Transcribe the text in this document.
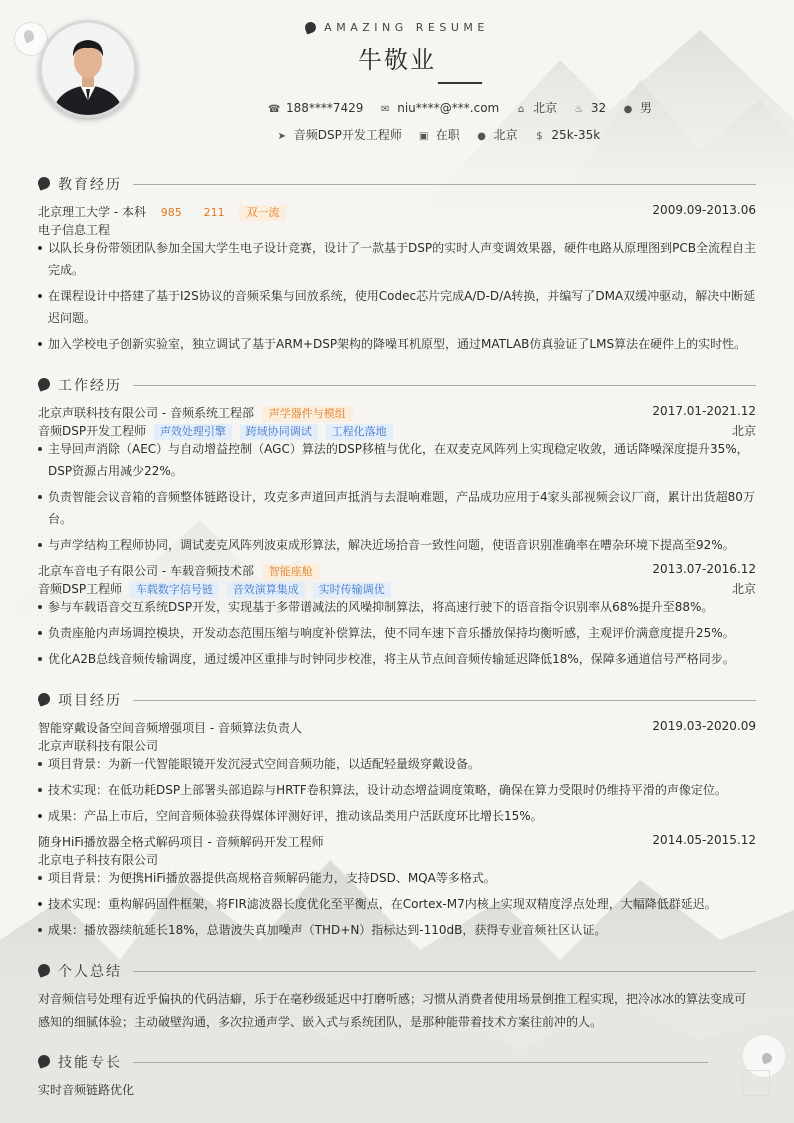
AMAZING RESUME
牛敬业
☎ 188****7429 ✉ niu****@***.com ⌂ 北京 ♨ 32 ● 男
➤ 音频DSP开发工程师 ▣ 在职 ● 北京 $ 25k-35k
教育经历
北京理工大学 - 本科 985 211 双一流	2009.09-2013.06
电子信息工程
以队长身份带领团队参加全国大学生电子设计竞赛，设计了一款基于DSP的实时人声变调效果器，硬件电路从原理图到PCB全流程自主完成。
在课程设计中搭建了基于I2S协议的音频采集与回放系统，使用Codec芯片完成A/D-D/A转换，并编写了DMA双缓冲驱动，解决中断延迟问题。
加入学校电子创新实验室，独立调试了基于ARM+DSP架构的降噪耳机原型，通过MATLAB仿真验证了LMS算法在硬件上的实时性。
工作经历
北京声联科技有限公司 - 音频系统工程部 声学器件与模组	2017.01-2021.12
音频DSP开发工程师 声效处理引擎 跨域协同调试 工程化落地	北京
主导回声消除（AEC）与自动增益控制（AGC）算法的DSP移植与优化，在双麦克风阵列上实现稳定收敛，通话降噪深度提升35%，DSP资源占用减少22%。
负责智能会议音箱的音频整体链路设计，攻克多声道回声抵消与去混响难题，产品成功应用于4家头部视频会议厂商，累计出货超80万台。
与声学结构工程师协同，调试麦克风阵列波束成形算法，解决近场拾音一致性问题，使语音识别准确率在嘈杂环境下提高至92%。
北京车音电子有限公司 - 车载音频技术部 智能座舱	2013.07-2016.12
音频DSP工程师 车载数字信号链 音效演算集成 实时传输调优	北京
参与车载语音交互系统DSP开发，实现基于多带谱减法的风噪抑制算法，将高速行驶下的语音指令识别率从68%提升至88%。
负责座舱内声场调控模块，开发动态范围压缩与响度补偿算法，使不同车速下音乐播放保持均衡听感，主观评价满意度提升25%。
优化A2B总线音频传输调度，通过缓冲区重排与时钟同步校准，将主从节点间音频传输延迟降低18%，保障多通道信号严格同步。
项目经历
智能穿戴设备空间音频增强项目 - 音频算法负责人	2019.03-2020.09
北京声联科技有限公司
项目背景：为新一代智能眼镜开发沉浸式空间音频功能，以适配轻量级穿戴设备。
技术实现：在低功耗DSP上部署头部追踪与HRTF卷积算法，设计动态增益调度策略，确保在算力受限时仍维持平滑的声像定位。
成果：产品上市后，空间音频体验获得媒体评测好评，推动该品类用户活跃度环比增长15%。
随身HiFi播放器全格式解码项目 - 音频解码开发工程师	2014.05-2015.12
北京电子科技有限公司
项目背景：为便携HiFi播放器提供高规格音频解码能力，支持DSD、MQA等多格式。
技术实现：重构解码固件框架，将FIR滤波器长度优化至平衡点，在Cortex-M7内核上实现双精度浮点处理，大幅降低群延迟。
成果：播放器续航延长18%，总谐波失真加噪声（THD+N）指标达到-110dB，获得专业音频社区认证。
个人总结
对音频信号处理有近乎偏执的代码洁癖，乐于在毫秒级延迟中打磨听感；习惯从消费者使用场景倒推工程实现，把冷冰冰的算法变成可感知的细腻体验；主动破壁沟通，多次拉通声学、嵌入式与系统团队，是那种能带着技术方案往前冲的人。
技能专长
实时音频链路优化
